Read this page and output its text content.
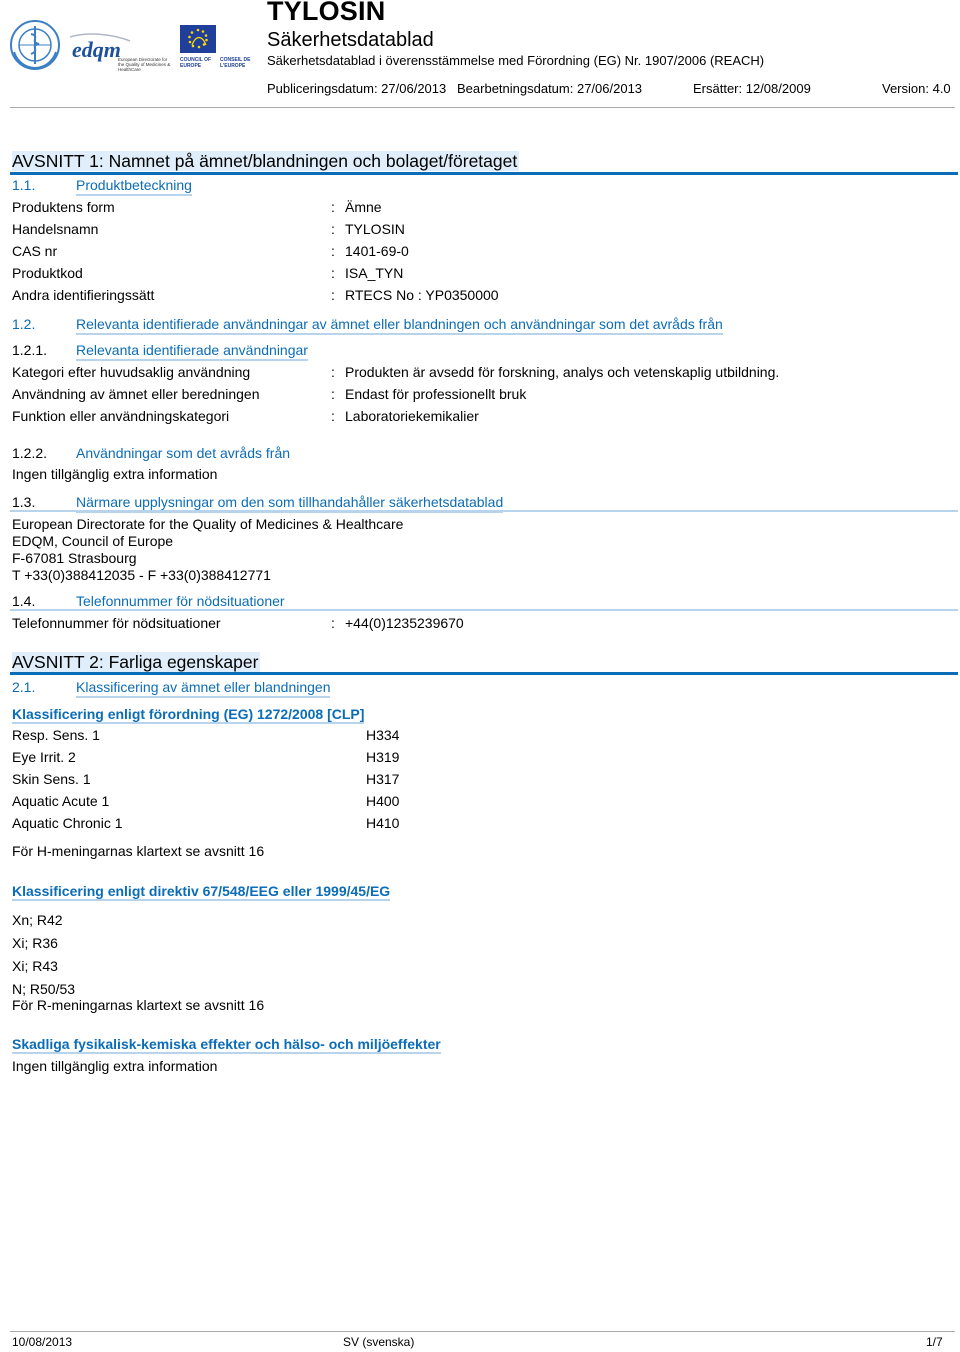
edqm
European Directorate for the Quality of Medicines & HealthCare
COUNCIL OF EUROPE
CONSEIL DE L'EUROPE
TYLOSIN
Säkerhetsdatablad
Säkerhetsdatablad i överensstämmelse med Förordning (EG) Nr. 1907/2006 (REACH)
Publiceringsdatum: 27/06/2013 Bearbetningsdatum: 27/06/2013	Ersätter: 12/08/2009	Version: 4.0
AVSNITT 1: Namnet på ämnet/blandningen och bolaget/företaget
1.1.	Produktbeteckning
Produktens form	: Ämne
Handelsnamn	: TYLOSIN
CAS nr	: 1401-69-0
Produktkod	: ISA_TYN
Andra identifieringssätt	: RTECS No : YP0350000
1.2.	Relevanta identifierade användningar av ämnet eller blandningen och användningar som det avråds från
1.2.1. Relevanta identifierade användningar
Kategori efter huvudsaklig användning	: Produkten är avsedd för forskning, analys och vetenskaplig utbildning.
Användning av ämnet eller beredningen	: Endast för professionellt bruk
Funktion eller användningskategori	: Laboratoriekemikalier
1.2.2. Användningar som det avråds från
Ingen tillgänglig extra information
1.3.	Närmare upplysningar om den som tillhandahåller säkerhetsdatablad
European Directorate for the Quality of Medicines & Healthcare
EDQM, Council of Europe
F-67081 Strasbourg
T +33(0)388412035 - F +33(0)388412771
1.4.	Telefonnummer för nödsituationer
Telefonnummer för nödsituationer	: +44(0)1235239670
AVSNITT 2: Farliga egenskaper
2.1.	Klassificering av ämnet eller blandningen
Klassificering enligt förordning (EG) 1272/2008 [CLP]
Resp. Sens. 1	H334
Eye Irrit. 2	H319
Skin Sens. 1	H317
Aquatic Acute 1	H400
Aquatic Chronic 1	H410
För H-meningarnas klartext se avsnitt 16
Klassificering enligt direktiv 67/548/EEG eller 1999/45/EG
Xn; R42
Xi; R36
Xi; R43
N; R50/53
För R-meningarnas klartext se avsnitt 16
Skadliga fysikalisk-kemiska effekter och hälso- och miljöeffekter
Ingen tillgänglig extra information
10/08/2013	SV (svenska)	1/7
